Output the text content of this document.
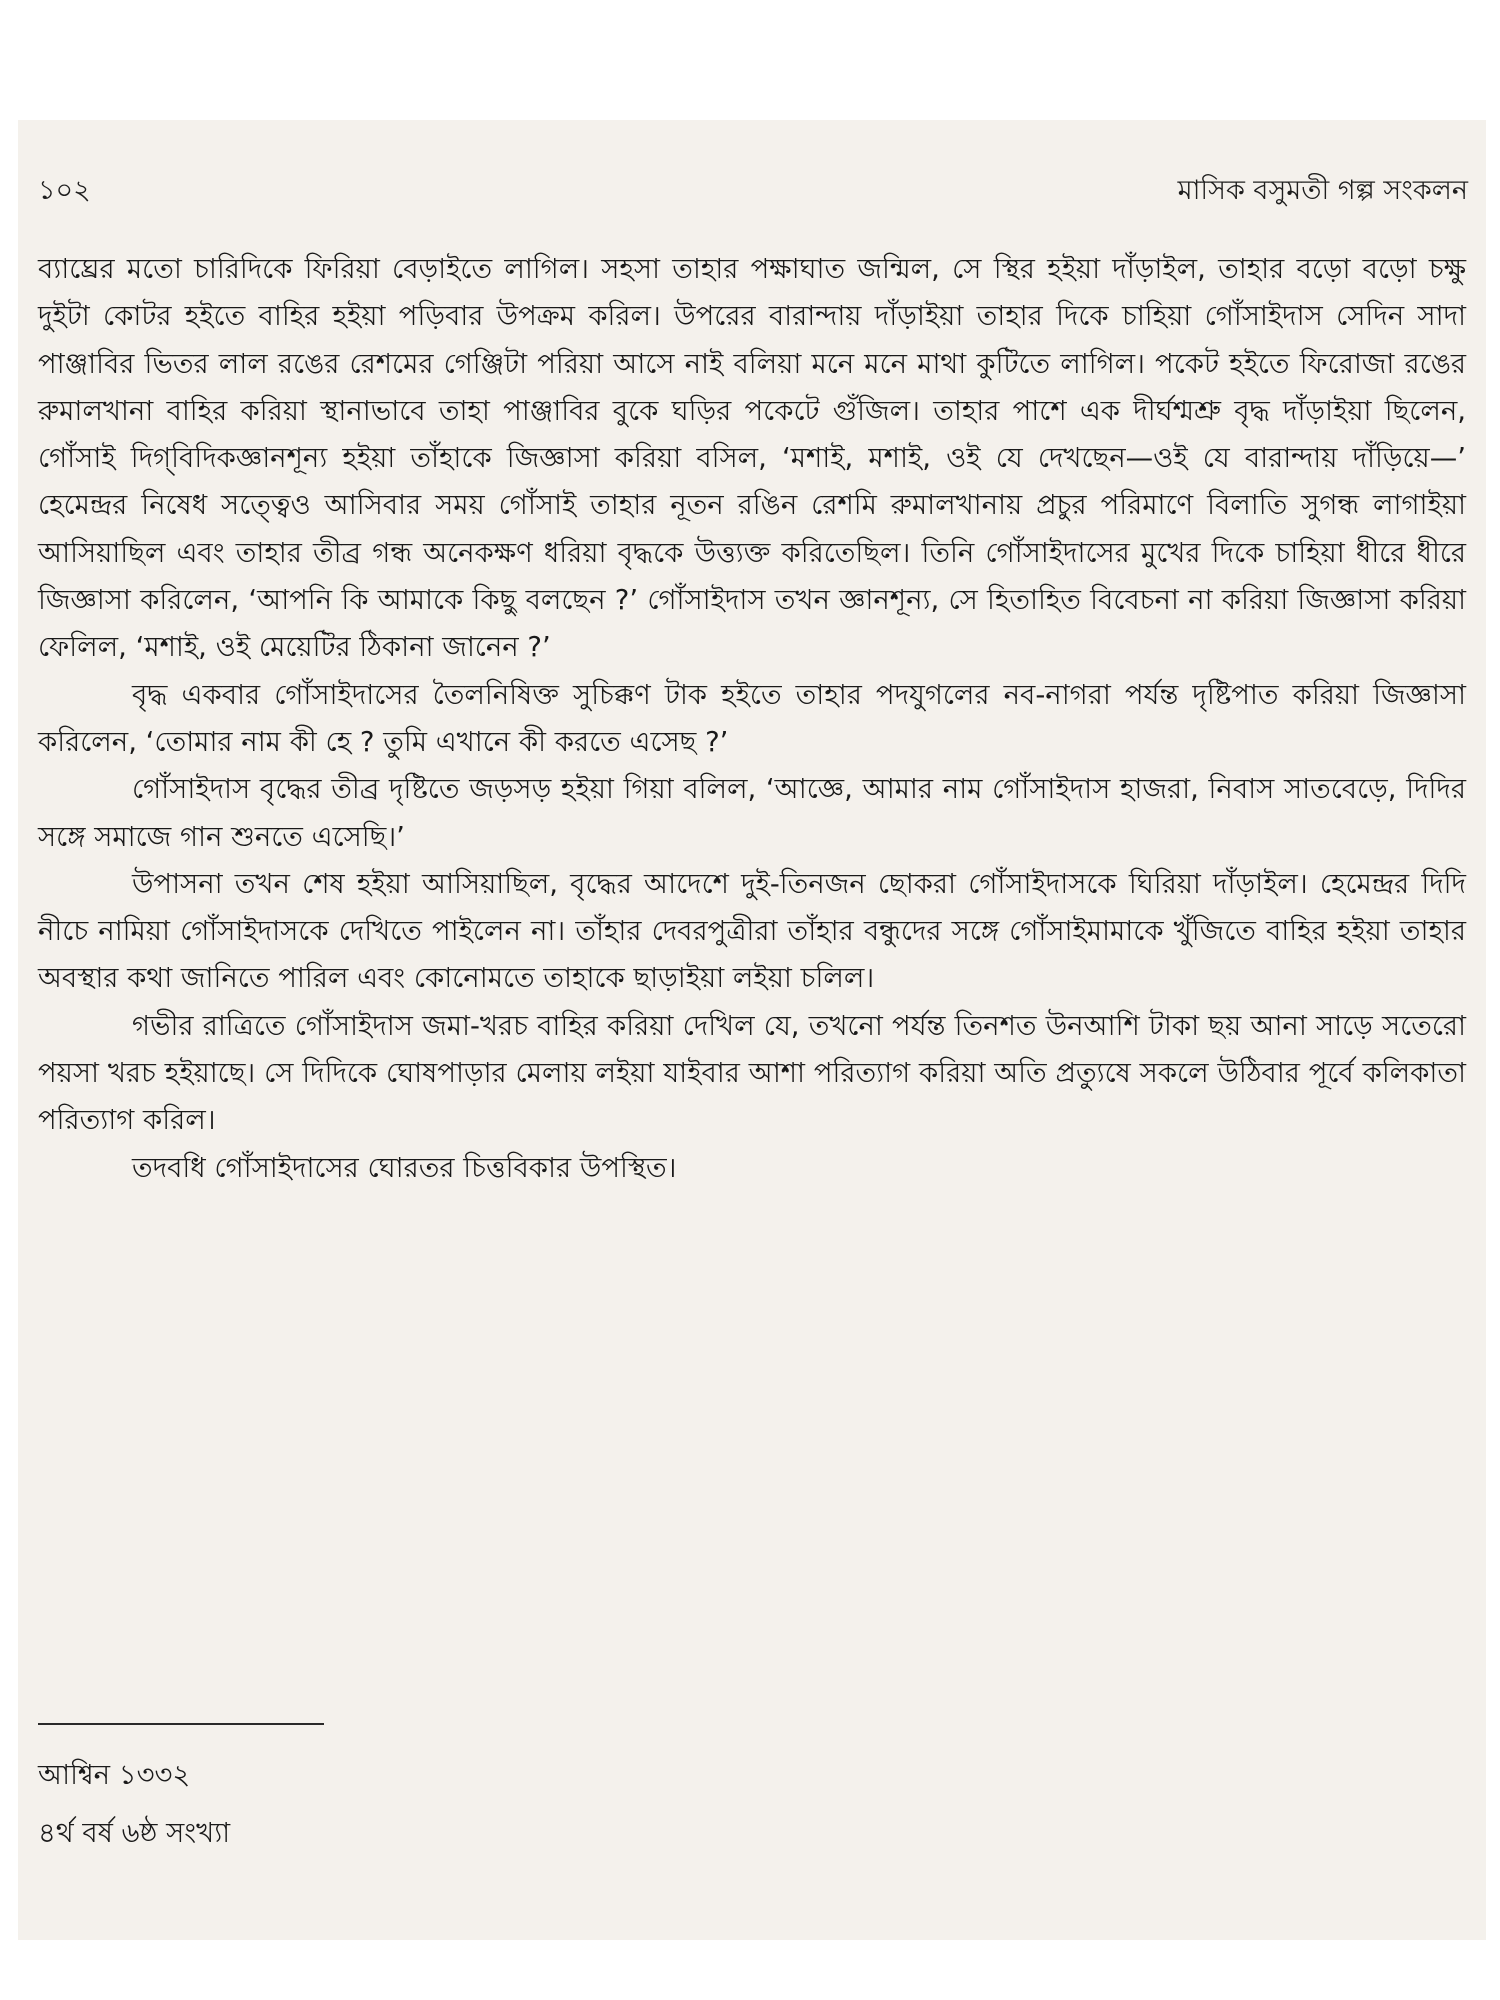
১০২	মাসিক বসুমতী গল্প সংকলন

ব্যাঘ্রের মতো চারিদিকে ফিরিয়া বেড়াইতে লাগিল। সহসা তাহার পক্ষাঘাত জন্মিল, সে স্থির হইয়া দাঁড়াইল, তাহার বড়ো বড়ো চক্ষু দুইটা কোটর হইতে বাহির হইয়া পড়িবার উপক্রম করিল। উপরের বারান্দায় দাঁড়াইয়া তাহার দিকে চাহিয়া গোঁসাইদাস সেদিন সাদা পাঞ্জাবির ভিতর লাল রঙের রেশমের গেঞ্জিটা পরিয়া আসে নাই বলিয়া মনে মনে মাথা কুটিতে লাগিল। পকেট হইতে ফিরোজা রঙের রুমালখানা বাহির করিয়া স্থানাভাবে তাহা পাঞ্জাবির বুকে ঘড়ির পকেটে গুঁজিল। তাহার পাশে এক দীর্ঘশ্মশ্রু বৃদ্ধ দাঁড়াইয়া ছিলেন, গোঁসাই দিগ্‌বিদিকজ্ঞানশূন্য হইয়া তাঁহাকে জিজ্ঞাসা করিয়া বসিল, ‘মশাই, মশাই, ওই যে দেখছেন—ওই যে বারান্দায় দাঁড়িয়ে—’ হেমেন্দ্রর নিষেধ সত্ত্বেও আসিবার সময় গোঁসাই তাহার নূতন রঙিন রেশমি রুমালখানায় প্রচুর পরিমাণে বিলাতি সুগন্ধ লাগাইয়া আসিয়াছিল এবং তাহার তীব্র গন্ধ অনেকক্ষণ ধরিয়া বৃদ্ধকে উত্ত্যক্ত করিতেছিল। তিনি গোঁসাইদাসের মুখের দিকে চাহিয়া ধীরে ধীরে জিজ্ঞাসা করিলেন, ‘আপনি কি আমাকে কিছু বলছেন ?’ গোঁসাইদাস তখন জ্ঞানশূন্য, সে হিতাহিত বিবেচনা না করিয়া জিজ্ঞাসা করিয়া ফেলিল, ‘মশাই, ওই মেয়েটির ঠিকানা জানেন ?’

বৃদ্ধ একবার গোঁসাইদাসের তৈলনিষিক্ত সুচিক্কণ টাক হইতে তাহার পদযুগলের নব-নাগরা পর্যন্ত দৃষ্টিপাত করিয়া জিজ্ঞাসা করিলেন, ‘তোমার নাম কী হে ? তুমি এখানে কী করতে এসেছ ?’

গোঁসাইদাস বৃদ্ধের তীব্র দৃষ্টিতে জড়সড় হইয়া গিয়া বলিল, ‘আজ্ঞে, আমার নাম গোঁসাইদাস হাজরা, নিবাস সাতবেড়ে, দিদির সঙ্গে সমাজে গান শুনতে এসেছি।’

উপাসনা তখন শেষ হইয়া আসিয়াছিল, বৃদ্ধের আদেশে দুই-তিনজন ছোকরা গোঁসাইদাসকে ঘিরিয়া দাঁড়াইল। হেমেন্দ্রর দিদি নীচে নামিয়া গোঁসাইদাসকে দেখিতে পাইলেন না। তাঁহার দেবরপুত্রীরা তাঁহার বন্ধুদের সঙ্গে গোঁসাইমামাকে খুঁজিতে বাহির হইয়া তাহার অবস্থার কথা জানিতে পারিল এবং কোনোমতে তাহাকে ছাড়াইয়া লইয়া চলিল।

গভীর রাত্রিতে গোঁসাইদাস জমা-খরচ বাহির করিয়া দেখিল যে, তখনো পর্যন্ত তিনশত উনআশি টাকা ছয় আনা সাড়ে সতেরো পয়সা খরচ হইয়াছে। সে দিদিকে ঘোষপাড়ার মেলায় লইয়া যাইবার আশা পরিত্যাগ করিয়া অতি প্রত্যুষে সকলে উঠিবার পূর্বে কলিকাতা পরিত্যাগ করিল।

তদবধি গোঁসাইদাসের ঘোরতর চিত্তবিকার উপস্থিত।

আশ্বিন ১৩৩২
৪র্থ বর্ষ ৬ষ্ঠ সংখ্যা
